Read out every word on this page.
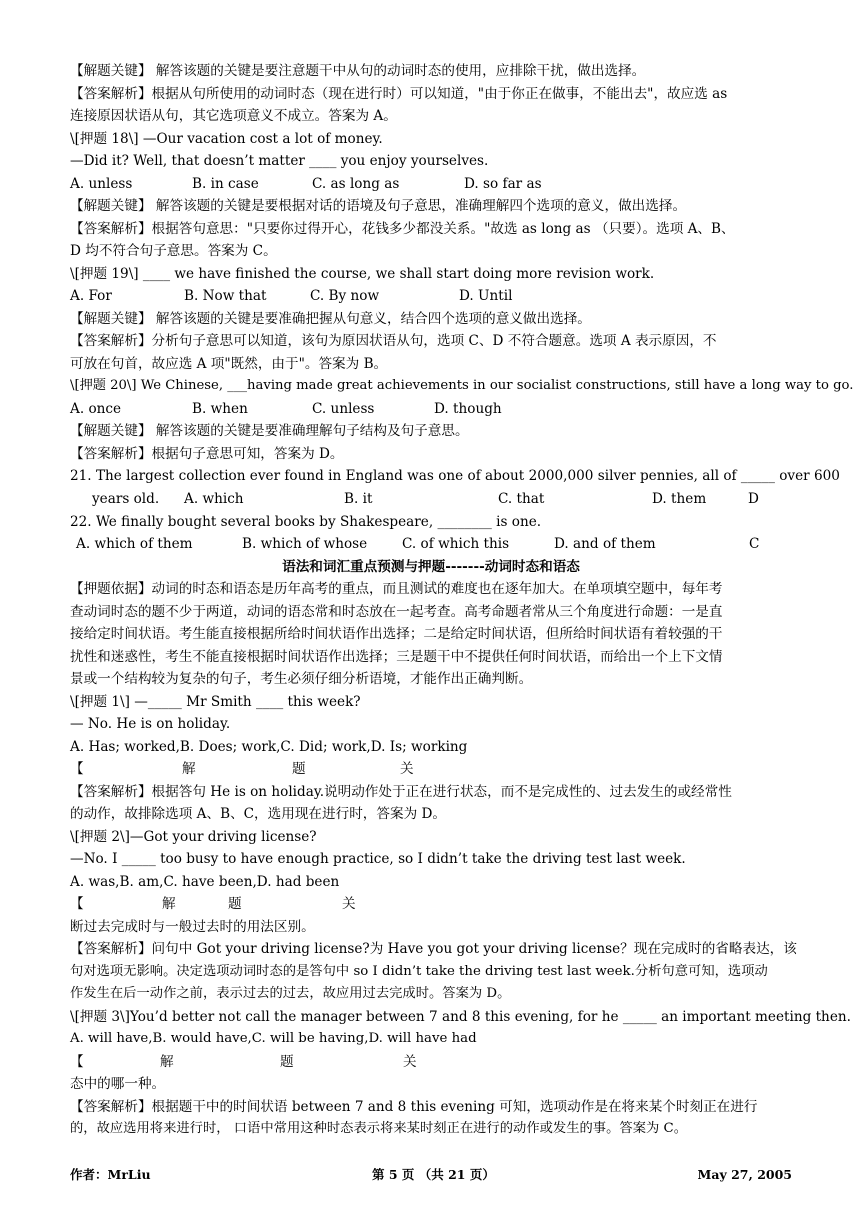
【解题关键】 解答该题的关键是要注意题干中从句的动词时态的使用，应排除干扰，做出选择。
【答案解析】根据从句所使用的动词时态（现在进行时）可以知道，"由于你正在做事，不能出去"，故应选 as
连接原因状语从句，其它选项意义不成立。答案为 A。
\[押题 18\] —Our vacation cost a lot of money.
—Did it? Well, that doesn’t matter ____ you enjoy yourselves.
A. unless	B. in case	C. as long as	D. so far as
【解题关键】 解答该题的关键是要根据对话的语境及句子意思，准确理解四个选项的意义，做出选择。
【答案解析】根据答句意思："只要你过得开心，花钱多少都没关系。"故选 as long as （只要）。选项 A、B、
D 均不符合句子意思。答案为 C。
\[押题 19\] ____ we have finished the course, we shall start doing more revision work.
A. For	B. Now that	C. By now	D. Until
【解题关键】 解答该题的关键是要准确把握从句意义，结合四个选项的意义做出选择。
【答案解析】分析句子意思可以知道，该句为原因状语从句，选项 C、D 不符合题意。选项 A 表示原因，不
可放在句首，故应选 A 项"既然，由于"。答案为 B。
\[押题 20\] We Chinese, ___having made great achievements in our socialist constructions, still have a long way to go.
A. once	B. when	C. unless	D. though
【解题关键】 解答该题的关键是要准确理解句子结构及句子意思。
【答案解析】根据句子意思可知，答案为 D。
21. The largest collection ever found in England was one of about 2000,000 silver pennies, all of _____ over 600
years old. A. which	B. it	C. that	D. them	D
22. We finally bought several books by Shakespeare, ________ is one.
A. which of them	B. which of whose	C. of which this	D. and of them	C
语法和词汇重点预测与押题-------动词时态和语态
【押题依据】动词的时态和语态是历年高考的重点，而且测试的难度也在逐年加大。在单项填空题中，每年考
查动词时态的题不少于两道，动词的语态常和时态放在一起考查。高考命题者常从三个角度进行命题：一是直
接给定时间状语。考生能直接根据所给时间状语作出选择；二是给定时间状语，但所给时间状语有着较强的干
扰性和迷惑性，考生不能直接根据时间状语作出选择；三是题干中不提供任何时间状语，而给出一个上下文情
景或一个结构较为复杂的句子，考生必须仔细分析语境，才能作出正确判断。
\[押题 1\] —_____ Mr Smith ____ this week?
— No. He is on holiday.
A. Has; worked,B. Does; work,C. Did; work,D. Is; working
【	解	题	关
【答案解析】根据答句 He is on holiday.说明动作处于正在进行状态，而不是完成性的、过去发生的或经常性
的动作，故排除选项 A、B、C，选用现在进行时，答案为 D。
\[押题 2\]—Got your driving license?
—No. I _____ too busy to have enough practice, so I didn’t take the driving test last week.
A. was,B. am,C. have been,D. had been
【	解	题	关
断过去完成时与一般过去时的用法区别。
【答案解析】问句中 Got your driving license?为 Have you got your driving license？现在完成时的省略表达，该
句对选项无影响。决定选项动词时态的是答句中 so I didn’t take the driving test last week.分析句意可知，选项动
作发生在后一动作之前，表示过去的过去，故应用过去完成时。答案为 D。
\[押题 3\]You’d better not call the manager between 7 and 8 this evening, for he _____ an important meeting then.
A. will have,B. would have,C. will be having,D. will have had
【	解	题	关
态中的哪一种。
【答案解析】根据题干中的时间状语 between 7 and 8 this evening 可知，选项动作是在将来某个时刻正在进行
的，故应选用将来进行时， 口语中常用这种时态表示将来某时刻正在进行的动作或发生的事。答案为 C。
作者：MrLiu	第 5 页 （共 21 页）	May 27, 2005
